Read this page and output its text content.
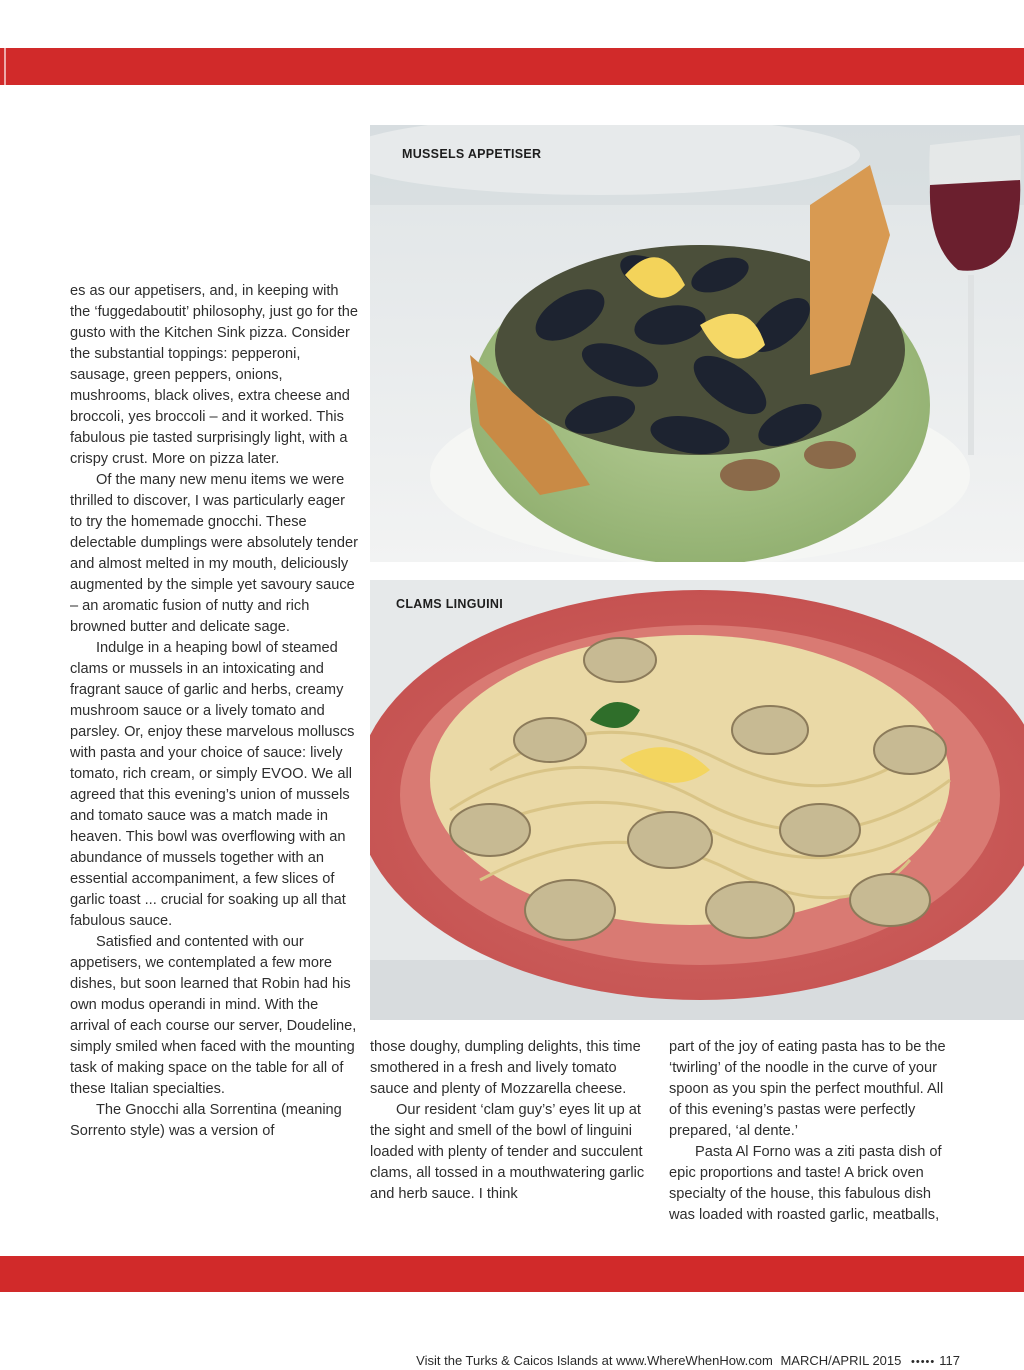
es as our appetisers, and, in keeping with the ‘fuggedaboutit’ philosophy, just go for the gusto with the Kitchen Sink pizza. Consider the substantial toppings: pepperoni, sausage, green peppers, onions, mushrooms, black olives, extra cheese and broccoli, yes broccoli – and it worked. This fabulous pie tasted surprisingly light, with a crispy crust. More on pizza later.

Of the many new menu items we were thrilled to discover, I was particularly eager to try the homemade gnocchi. These delectable dumplings were absolutely tender and almost melted in my mouth, deliciously augmented by the simple yet savoury sauce – an aromatic fusion of nutty and rich browned butter and delicate sage.

Indulge in a heaping bowl of steamed clams or mussels in an intoxicating and fragrant sauce of garlic and herbs, creamy mushroom sauce or a lively tomato and parsley. Or, enjoy these marvelous molluscs with pasta and your choice of sauce: lively tomato, rich cream, or simply EVOO. We all agreed that this evening’s union of mussels and tomato sauce was a match made in heaven. This bowl was overflowing with an abundance of mussels together with an essential accompaniment, a few slices of garlic toast ... crucial for soaking up all that fabulous sauce.

Satisfied and contented with our appetisers, we contemplated a few more dishes, but soon learned that Robin had his own modus operandi in mind. With the arrival of each course our server, Doudeline, simply smiled when faced with the mounting task of making space on the table for all of these Italian specialties.

The Gnocchi alla Sorrentina (meaning Sorrento style) was a version of

MUSSELS APPETISER
CLAMS LINGUINI

those doughy, dumpling delights, this time smothered in a fresh and lively tomato sauce and plenty of Mozzarella cheese.

Our resident ‘clam guy’s’ eyes lit up at the sight and smell of the bowl of linguini loaded with plenty of tender and succulent clams, all tossed in a mouthwatering garlic and herb sauce. I think

part of the joy of eating pasta has to be the ‘twirling’ of the noodle in the curve of your spoon as you spin the perfect mouthful. All of this evening’s pastas were perfectly prepared, ‘al dente.’

Pasta Al Forno was a ziti pasta dish of epic proportions and taste! A brick oven specialty of the house, this fabulous dish was loaded with roasted garlic, meatballs,

Visit the Turks & Caicos Islands at www.WhereWhenHow.com MARCH/APRIL 2015 ••••• 117
